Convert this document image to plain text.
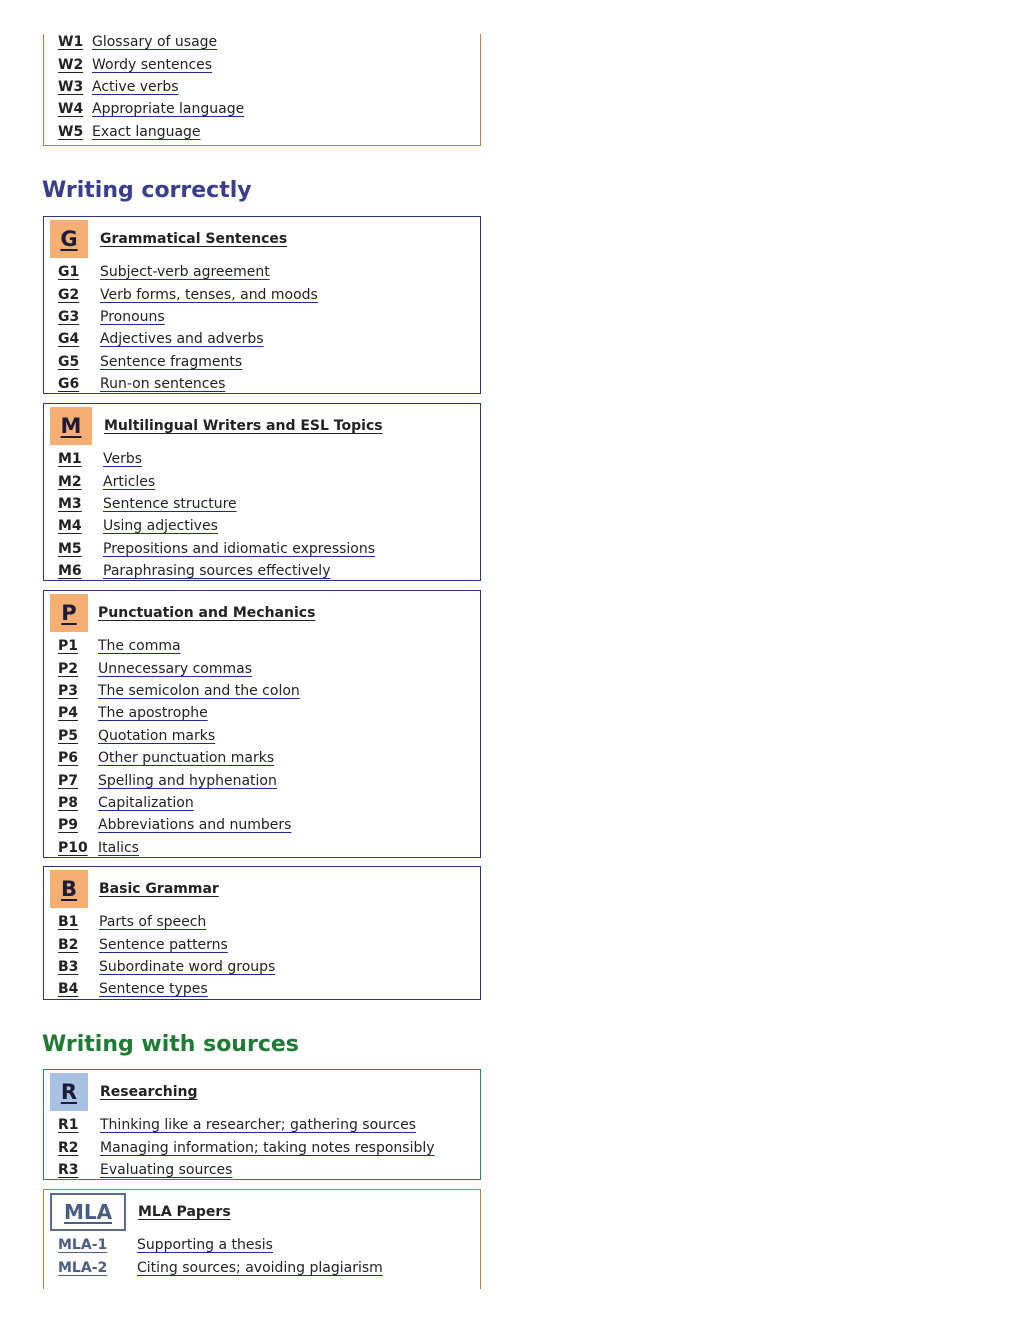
W1 Glossary of usage
W2 Wordy sentences
W3 Active verbs
W4 Appropriate language
W5 Exact language
Writing correctly
G	Grammatical Sentences
G1	Subject-verb agreement
G2	Verb forms, tenses, and moods
G3	Pronouns
G4	Adjectives and adverbs
G5	Sentence fragments
G6	Run-on sentences
M	Multilingual Writers and ESL Topics
M1	Verbs
M2	Articles
M3	Sentence structure
M4	Using adjectives
M5	Prepositions and idiomatic expressions
M6	Paraphrasing sources effectively
P	Punctuation and Mechanics
P1	The comma
P2	Unnecessary commas
P3	The semicolon and the colon
P4	The apostrophe
P5	Quotation marks
P6	Other punctuation marks
P7	Spelling and hyphenation
P8	Capitalization
P9	Abbreviations and numbers
P10 Italics
B	Basic Grammar
B1	Parts of speech
B2	Sentence patterns
B3	Subordinate word groups
B4	Sentence types
Writing with sources
R	Researching
R1	Thinking like a researcher; gathering sources
R2	Managing information; taking notes responsibly
R3	Evaluating sources
MLA	MLA Papers
MLA-1	Supporting a thesis
MLA-2	Citing sources; avoiding plagiarism
